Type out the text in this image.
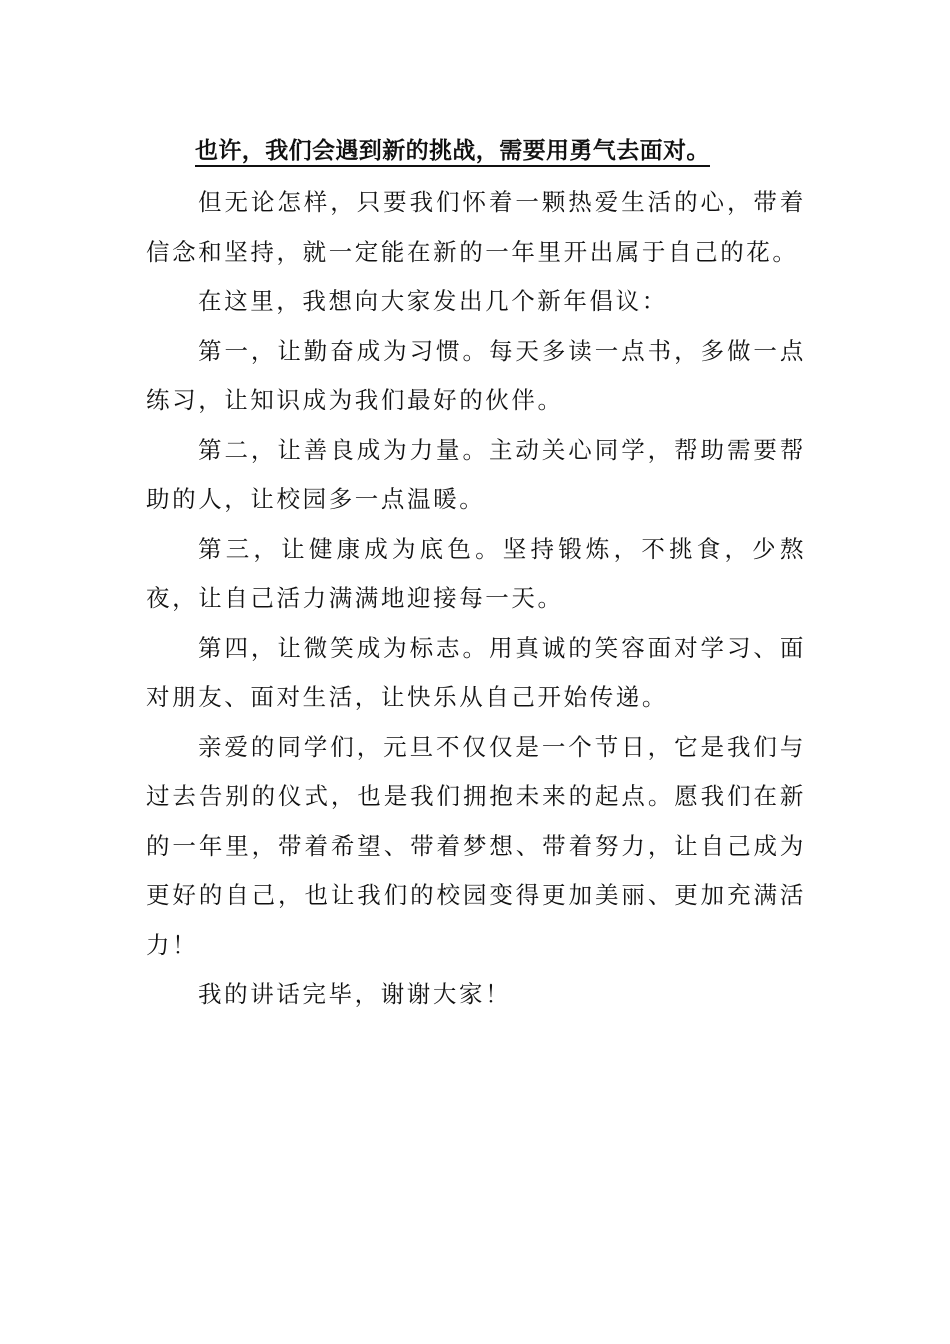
也许，我们会遇到新的挑战，需要用勇气去面对。

但无论怎样，只要我们怀着一颗热爱生活的心，带着信念和坚持，就一定能在新的一年里开出属于自己的花。

在这里，我想向大家发出几个新年倡议：

第一，让勤奋成为习惯。每天多读一点书，多做一点练习，让知识成为我们最好的伙伴。

第二，让善良成为力量。主动关心同学，帮助需要帮助的人，让校园多一点温暖。

第三，让健康成为底色。坚持锻炼，不挑食，少熬夜，让自己活力满满地迎接每一天。

第四，让微笑成为标志。用真诚的笑容面对学习、面对朋友、面对生活，让快乐从自己开始传递。

亲爱的同学们，元旦不仅仅是一个节日，它是我们与过去告别的仪式，也是我们拥抱未来的起点。愿我们在新的一年里，带着希望、带着梦想、带着努力，让自己成为更好的自己，也让我们的校园变得更加美丽、更加充满活力！

我的讲话完毕，谢谢大家！
